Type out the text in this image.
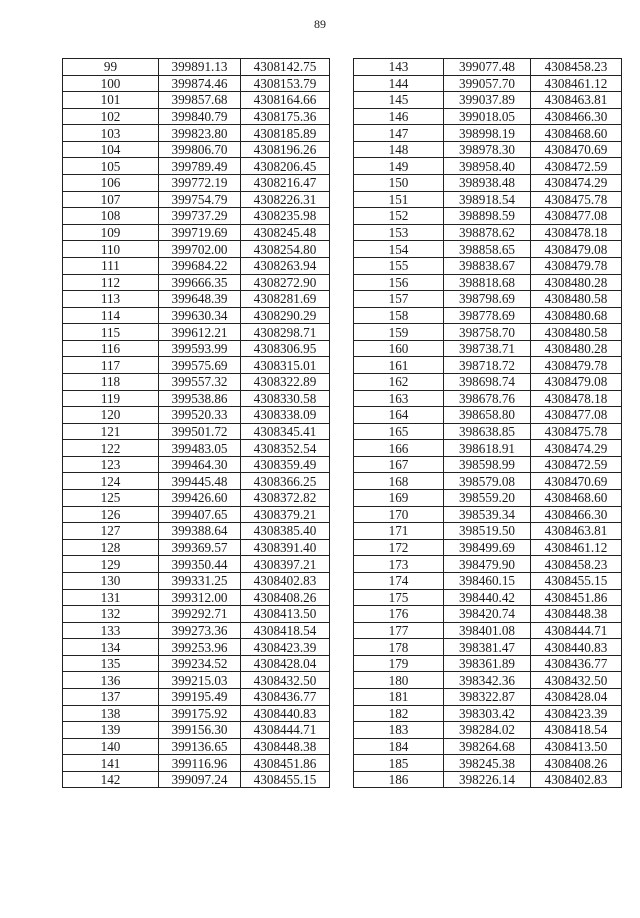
89
99	399891.13	4308142.75
100	399874.46	4308153.79
101	399857.68	4308164.66
102	399840.79	4308175.36
103	399823.80	4308185.89
104	399806.70	4308196.26
105	399789.49	4308206.45
106	399772.19	4308216.47
107	399754.79	4308226.31
108	399737.29	4308235.98
109	399719.69	4308245.48
110	399702.00	4308254.80
111	399684.22	4308263.94
112	399666.35	4308272.90
113	399648.39	4308281.69
114	399630.34	4308290.29
115	399612.21	4308298.71
116	399593.99	4308306.95
117	399575.69	4308315.01
118	399557.32	4308322.89
119	399538.86	4308330.58
120	399520.33	4308338.09
121	399501.72	4308345.41
122	399483.05	4308352.54
123	399464.30	4308359.49
124	399445.48	4308366.25
125	399426.60	4308372.82
126	399407.65	4308379.21
127	399388.64	4308385.40
128	399369.57	4308391.40
129	399350.44	4308397.21
130	399331.25	4308402.83
131	399312.00	4308408.26
132	399292.71	4308413.50
133	399273.36	4308418.54
134	399253.96	4308423.39
135	399234.52	4308428.04
136	399215.03	4308432.50
137	399195.49	4308436.77
138	399175.92	4308440.83
139	399156.30	4308444.71
140	399136.65	4308448.38
141	399116.96	4308451.86
142	399097.24	4308455.15
143	399077.48	4308458.23
144	399057.70	4308461.12
145	399037.89	4308463.81
146	399018.05	4308466.30
147	398998.19	4308468.60
148	398978.30	4308470.69
149	398958.40	4308472.59
150	398938.48	4308474.29
151	398918.54	4308475.78
152	398898.59	4308477.08
153	398878.62	4308478.18
154	398858.65	4308479.08
155	398838.67	4308479.78
156	398818.68	4308480.28
157	398798.69	4308480.58
158	398778.69	4308480.68
159	398758.70	4308480.58
160	398738.71	4308480.28
161	398718.72	4308479.78
162	398698.74	4308479.08
163	398678.76	4308478.18
164	398658.80	4308477.08
165	398638.85	4308475.78
166	398618.91	4308474.29
167	398598.99	4308472.59
168	398579.08	4308470.69
169	398559.20	4308468.60
170	398539.34	4308466.30
171	398519.50	4308463.81
172	398499.69	4308461.12
173	398479.90	4308458.23
174	398460.15	4308455.15
175	398440.42	4308451.86
176	398420.74	4308448.38
177	398401.08	4308444.71
178	398381.47	4308440.83
179	398361.89	4308436.77
180	398342.36	4308432.50
181	398322.87	4308428.04
182	398303.42	4308423.39
183	398284.02	4308418.54
184	398264.68	4308413.50
185	398245.38	4308408.26
186	398226.14	4308402.83
